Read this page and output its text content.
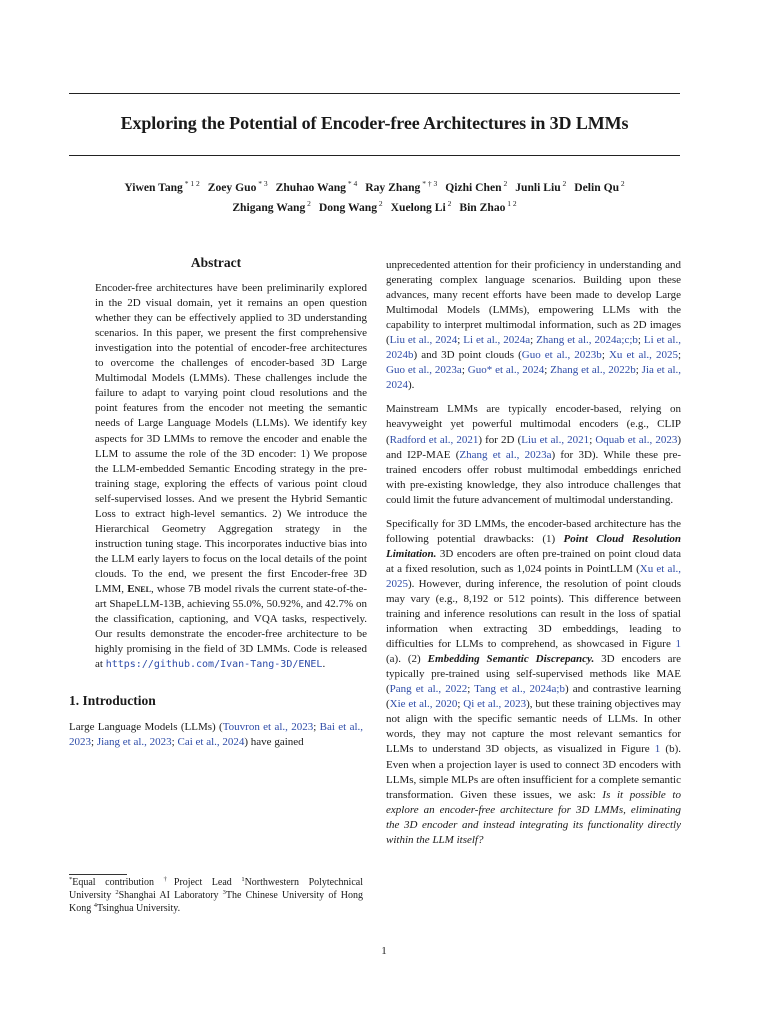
Exploring the Potential of Encoder-free Architectures in 3D LMMs
Yiwen Tang $^{* 1 2}$ Zoey Guo $^{* 3}$ Zhuhao Wang $^{* 4}$ Ray Zhang $^{* \dagger 3}$ Qizhi Chen $^2$ Junli Liu $^2$ Delin Qu $^2$
Zhigang Wang $^2$ Dong Wang $^2$ Xuelong Li $^2$ Bin Zhao $^{1 2}$
Abstract

Encoder-free architectures have been preliminarily explored in the 2D visual domain, yet it remains an open question whether they can be effectively applied to 3D understanding scenarios. In this paper, we present the first comprehensive investigation into the potential of encoder-free architectures to overcome the challenges of encoder-based 3D Large Multimodal Models (LMMs). These challenges include the failure to adapt to varying point cloud resolutions and the point features from the encoder not meeting the semantic needs of Large Language Models (LLMs). We identify key aspects for 3D LMMs to remove the encoder and enable the LLM to assume the role of the 3D encoder: 1) We propose the LLM-embedded Semantic Encoding strategy in the pre-training stage, exploring the effects of various point cloud self-supervised losses. And we present the Hybrid Semantic Loss to extract high-level semantics. 2) We introduce the Hierarchical Geometry Aggregation strategy in the instruction tuning stage. This incorporates inductive bias into the LLM early layers to focus on the local details of the point clouds. To the end, we present the first Encoder-free 3D LMM, Enel, whose 7B model rivals the current state-of-the-art ShapeLLM-13B, achieving 55.0%, 50.92%, and 42.7% on the classification, captioning, and VQA tasks, respectively. Our results demonstrate the encoder-free architecture to be highly promising in the field of 3D LMMs. Code is released at https://github.com/Ivan-Tang-3D/ENEL.

1. Introduction

Large Language Models (LLMs) (Touvron et al., 2023; Bai et al., 2023; Jiang et al., 2023; Cai et al., 2024) have gained

*Equal contribution †Project Lead $^1$Northwestern Polytechnical University $^2$Shanghai AI Laboratory $^3$The Chinese University of Hong Kong $^4$Tsinghua University.

unprecedented attention for their proficiency in understanding and generating complex language scenarios. Building upon these advances, many recent efforts have been made to develop Large Multimodal Models (LMMs), empowering LLMs with the capability to interpret multimodal information, such as 2D images (Liu et al., 2024; Li et al., 2024a; Zhang et al., 2024a;c;b; Li et al., 2024b) and 3D point clouds (Guo et al., 2023b; Xu et al., 2025; Guo et al., 2023a; Guo* et al., 2024; Zhang et al., 2022b; Jia et al., 2024).

Mainstream LMMs are typically encoder-based, relying on heavyweight yet powerful multimodal encoders (e.g., CLIP (Radford et al., 2021) for 2D (Liu et al., 2021; Oquab et al., 2023) and I2P-MAE (Zhang et al., 2023a) for 3D). While these pre-trained encoders offer robust multimodal embeddings enriched with pre-existing knowledge, they also introduce challenges that could limit the future advancement of multimodal understanding.

Specifically for 3D LMMs, the encoder-based architecture has the following potential drawbacks: (1) Point Cloud Resolution Limitation. 3D encoders are often pre-trained on point cloud data at a fixed resolution, such as 1,024 points in PointLLM (Xu et al., 2025). However, during inference, the resolution of point clouds may vary (e.g., 8,192 or 512 points). This difference between training and inference resolutions can result in the loss of spatial information when extracting 3D embeddings, leading to difficulties for LLMs to comprehend, as showcased in Figure 1 (a). (2) Embedding Semantic Discrepancy. 3D encoders are typically pre-trained using self-supervised methods like MAE (Pang et al., 2022; Tang et al., 2024a;b) and contrastive learning (Xie et al., 2020; Qi et al., 2023), but these training objectives may not align with the specific semantic needs of LLMs. In other words, they may not capture the most relevant semantics for LLMs to understand 3D objects, as visualized in Figure 1 (b). Even when a projection layer is used to connect 3D encoders with LLMs, simple MLPs are often insufficient for a complete semantic transformation. Given these issues, we ask: Is it possible to explore an encoder-free architecture for 3D LMMs, eliminating the 3D encoder and instead integrating its functionality directly within the LLM itself?

1
